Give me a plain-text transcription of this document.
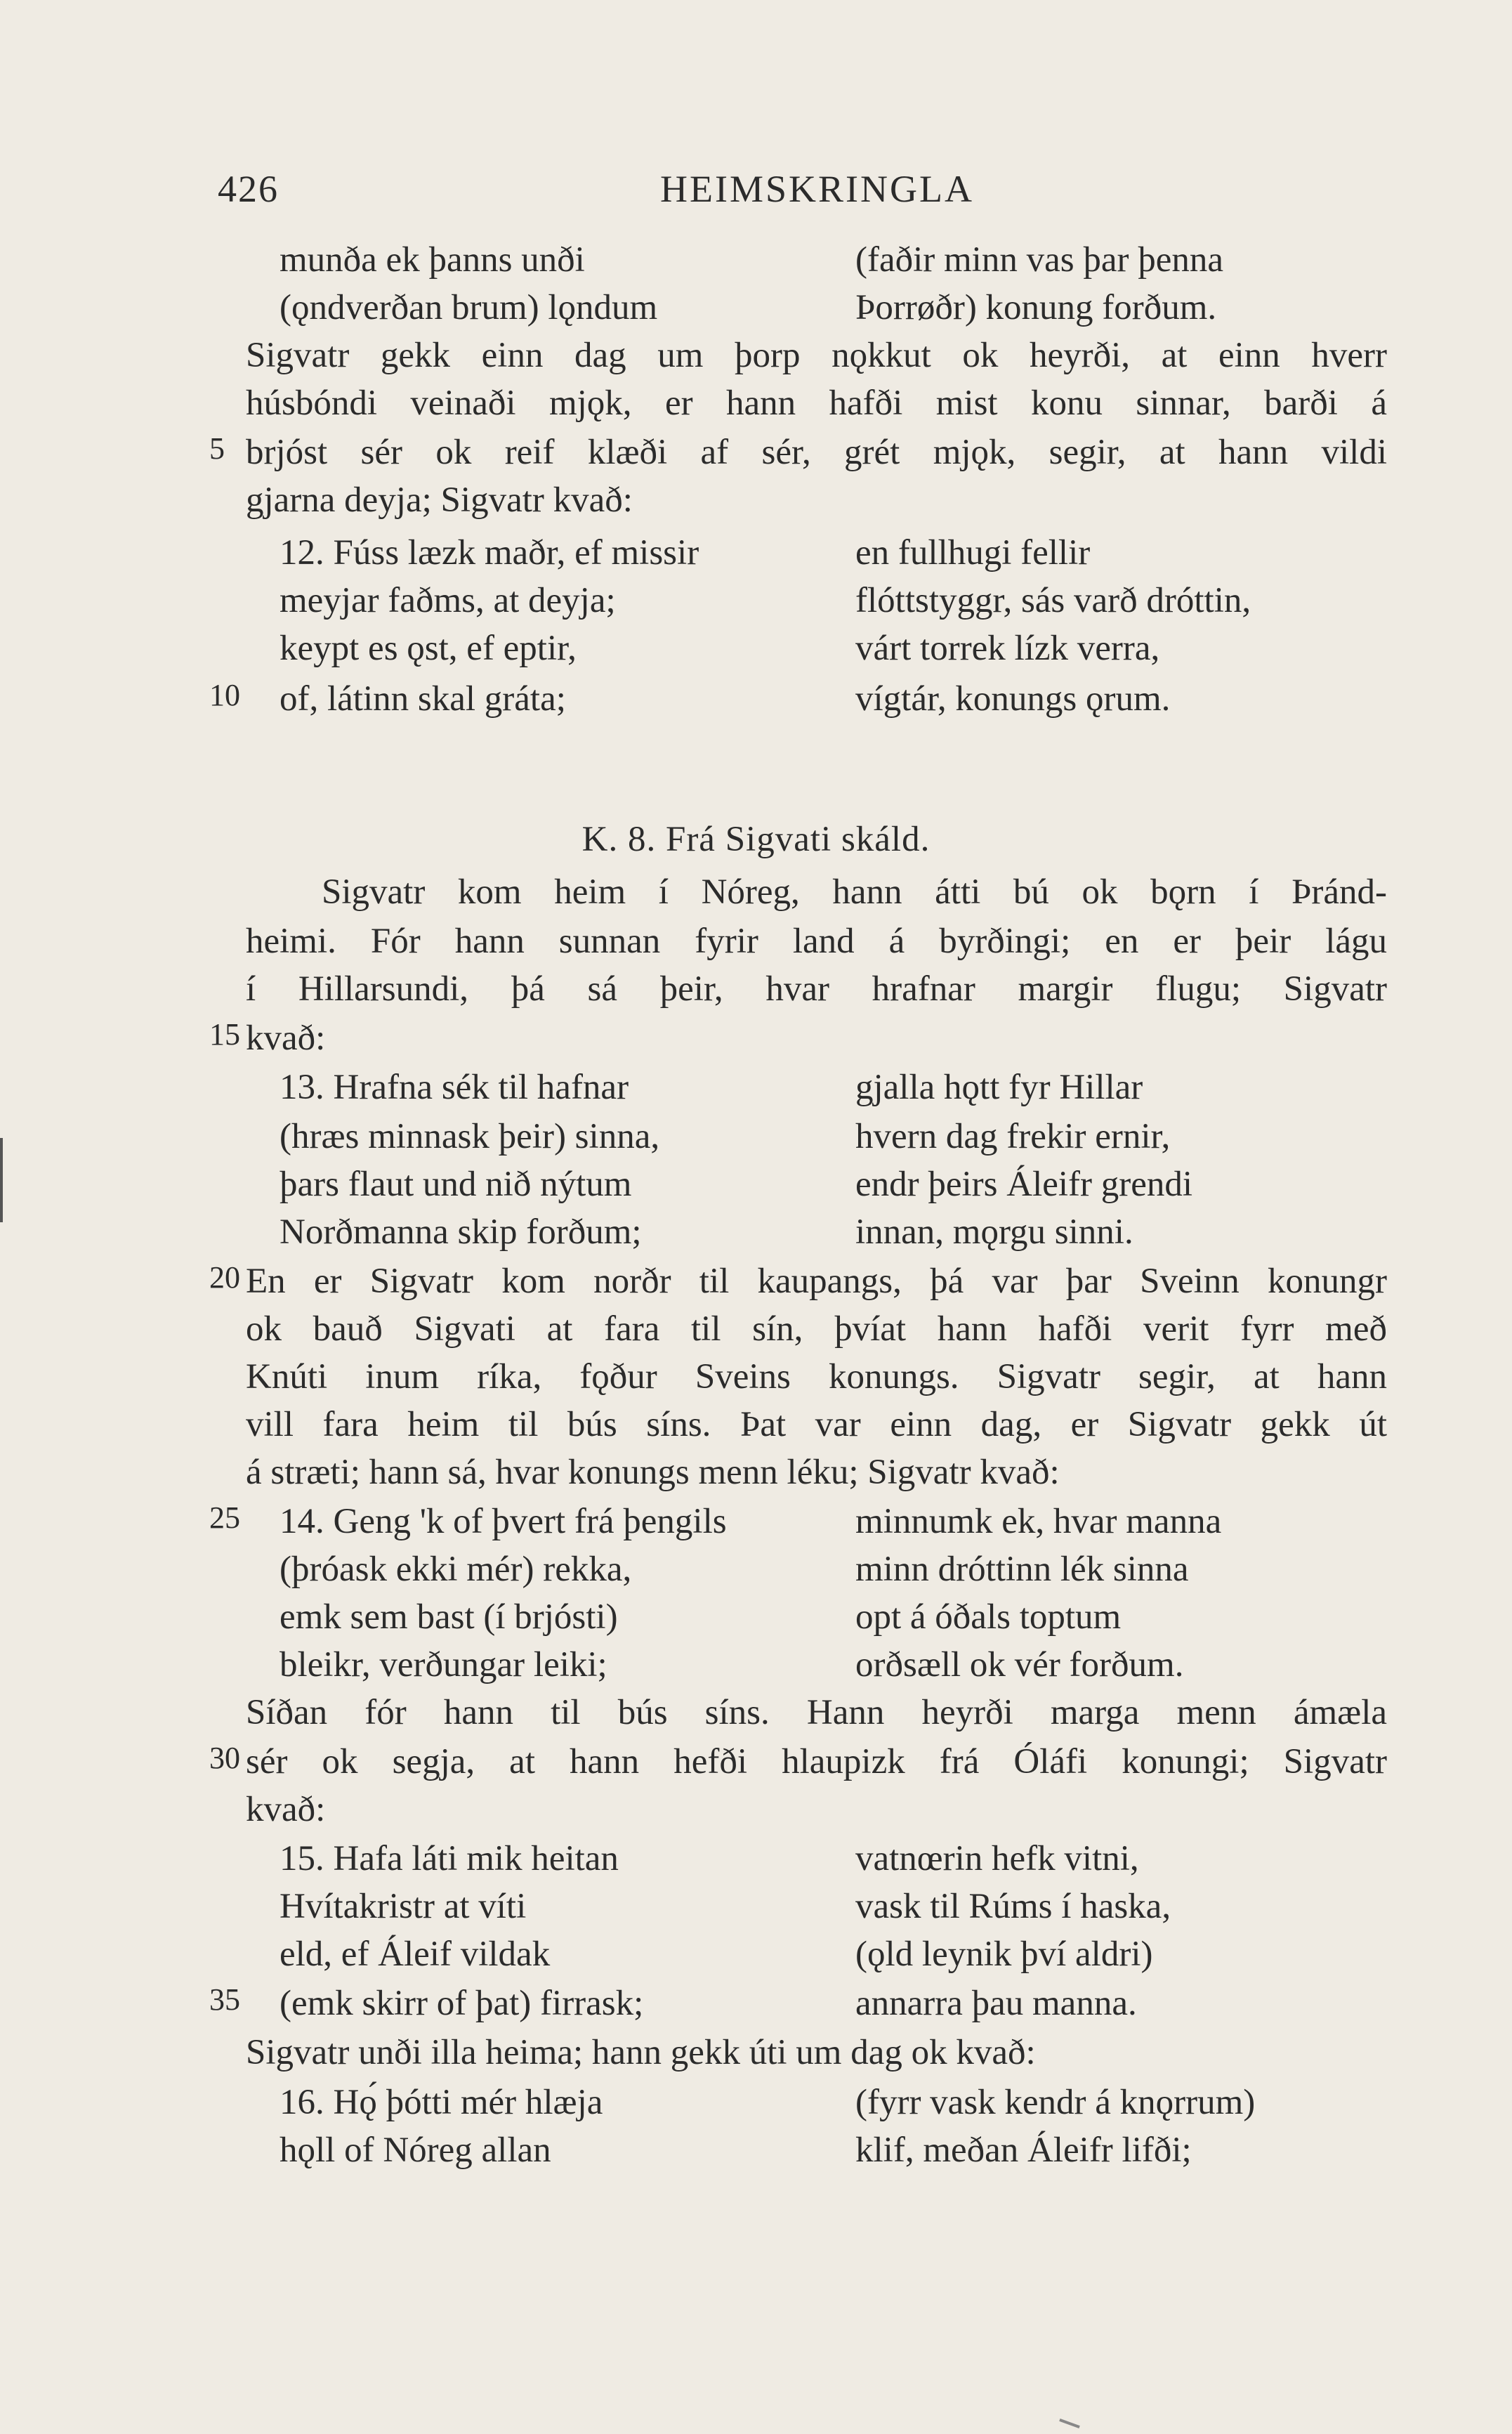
426	HEIMSKRINGLA
munða ek þanns unði	(faðir minn vas þar þenna
(ǫndverðan brum) lǫndum	Þorrøðr) konung forðum.
Sigvatr gekk einn dag um þorp nǫkkut ok heyrði, at einn hverr
húsbóndi veinaði mjǫk, er hann hafði mist konu sinnar, barði á
5 brjóst sér ok reif klæði af sér, grét mjǫk, segir, at hann vildi
gjarna deyja; Sigvatr kvað:
12. Fúss læzk maðr, ef missir	en fullhugi fellir
meyjar faðms, at deyja;	flóttstyggr, sás varð dróttin,
keypt es ǫst, ef eptir,	várt torrek lízk verra,
10 of, látinn skal gráta;	vígtár, konungs ǫrum.
K. 8. Frá Sigvati skáld.
Sigvatr kom heim í Nóreg, hann átti bú ok bǫrn í Þránd-
heimi. Fór hann sunnan fyrir land á byrðingi; en er þeir lágu
í Hillarsundi, þá sá þeir, hvar hrafnar margir flugu; Sigvatr
15 kvað:
13. Hrafna sék til hafnar	gjalla hǫtt fyr Hillar
(hræs minnask þeir) sinna,	hvern dag frekir ernir,
þars flaut und nið nýtum	endr þeirs Áleifr grendi
Norðmanna skip forðum;	innan, mǫrgu sinni.
20 En er Sigvatr kom norðr til kaupangs, þá var þar Sveinn konungr
ok bauð Sigvati at fara til sín, þvíat hann hafði verit fyrr með
Knúti inum ríka, fǫður Sveins konungs. Sigvatr segir, at hann
vill fara heim til bús síns. Þat var einn dag, er Sigvatr gekk út
á stræti; hann sá, hvar konungs menn léku; Sigvatr kvað:
25 14. Geng 'k of þvert frá þengils	minnumk ek, hvar manna
(þróask ekki mér) rekka,	minn dróttinn lék sinna
emk sem bast (í brjósti)	opt á óðals toptum
bleikr, verðungar leiki;	orðsæll ok vér forðum.
Síðan fór hann til bús síns. Hann heyrði marga menn ámæla
30 sér ok segja, at hann hefði hlaupizk frá Óláfi konungi; Sigvatr
kvað:
15. Hafa láti mik heitan	vatnœrin hefk vitni,
Hvítakristr at víti	vask til Rúms í haska,
eld, ef Áleif vildak	(ǫld leynik því aldri)
35 (emk skirr of þat) firrask;	annarra þau manna.
Sigvatr unði illa heima; hann gekk úti um dag ok kvað:
16. Hǫ́ þótti mér hlæja	(fyrr vask kendr á knǫrrum)
hǫll of Nóreg allan	klif, meðan Áleifr lifði;
